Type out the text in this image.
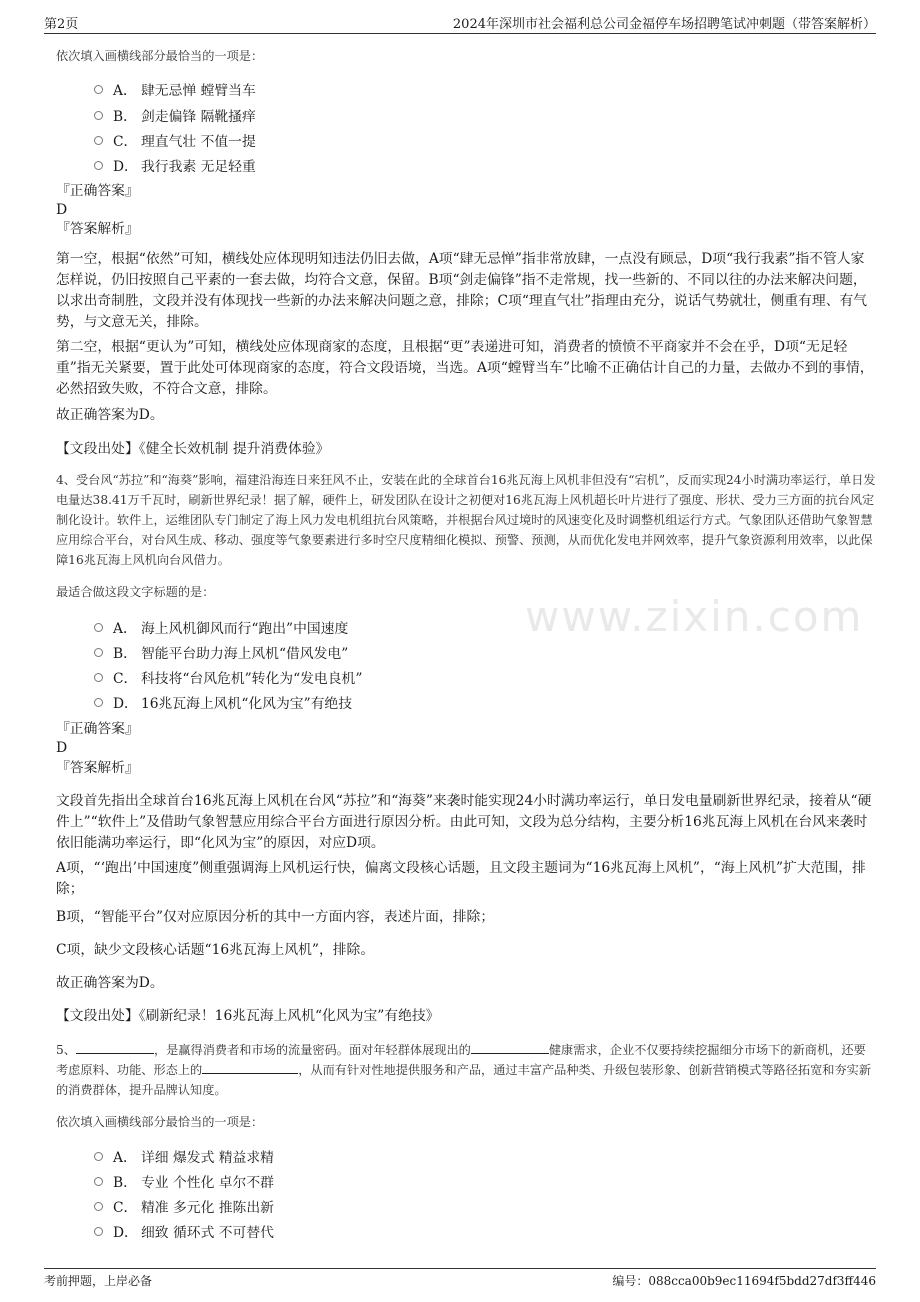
第2页	2024年深圳市社会福利总公司金福停车场招聘笔试冲刺题（带答案解析）
www.zixin.com
依次填入画横线部分最恰当的一项是：
A． 肆无忌惮 螳臂当车
B． 剑走偏锋 隔靴搔痒
C． 理直气壮 不值一提
D． 我行我素 无足轻重
『正确答案』
D
『答案解析』
第一空，根据“依然”可知，横线处应体现明知违法仍旧去做，A项“肆无忌惮”指非常放肆，一点没有顾忌，D项“我行我素”指不管人家怎样说，仍旧按照自己平素的一套去做，均符合文意，保留。B项“剑走偏锋”指不走常规，找一些新的、不同以往的办法来解决问题，以求出奇制胜，文段并没有体现找一些新的办法来解决问题之意，排除；C项“理直气壮”指理由充分，说话气势就壮，侧重有理、有气势，与文意无关，排除。
第二空，根据“更认为”可知，横线处应体现商家的态度，且根据“更”表递进可知，消费者的愤愤不平商家并不会在乎，D项“无足轻重”指无关紧要，置于此处可体现商家的态度，符合文段语境，当选。A项“螳臂当车”比喻不正确估计自己的力量，去做办不到的事情，必然招致失败，不符合文意，排除。
故正确答案为D。
【文段出处】《健全长效机制 提升消费体验》
4、受台风“苏拉”和“海葵”影响，福建沿海连日来狂风不止，安装在此的全球首台16兆瓦海上风机非但没有“宕机”，反而实现24小时满功率运行，单日发电量达38.41万千瓦时，刷新世界纪录！据了解，硬件上，研发团队在设计之初便对16兆瓦海上风机超长叶片进行了强度、形状、受力三方面的抗台风定制化设计。软件上，运维团队专门制定了海上风力发电机组抗台风策略，并根据台风过境时的风速变化及时调整机组运行方式。气象团队还借助气象智慧应用综合平台，对台风生成、移动、强度等气象要素进行多时空尺度精细化模拟、预警、预测，从而优化发电并网效率，提升气象资源利用效率，以此保障16兆瓦海上风机向台风借力。
最适合做这段文字标题的是：
A． 海上风机御风而行“跑出”中国速度
B． 智能平台助力海上风机“借风发电”
C． 科技将“台风危机”转化为“发电良机”
D． 16兆瓦海上风机“化风为宝”有绝技
『正确答案』
D
『答案解析』
文段首先指出全球首台16兆瓦海上风机在台风“苏拉”和“海葵”来袭时能实现24小时满功率运行，单日发电量刷新世界纪录，接着从“硬件上”“软件上”及借助气象智慧应用综合平台方面进行原因分析。由此可知，文段为总分结构，主要分析16兆瓦海上风机在台风来袭时依旧能满功率运行，即“化风为宝”的原因，对应D项。
A项，“‘跑出’中国速度”侧重强调海上风机运行快，偏离文段核心话题，且文段主题词为“16兆瓦海上风机”，“海上风机”扩大范围，排除；
B项，“智能平台”仅对应原因分析的其中一方面内容，表述片面，排除；
C项，缺少文段核心话题“16兆瓦海上风机”，排除。
故正确答案为D。
【文段出处】《刷新纪录！16兆瓦海上风机“化风为宝”有绝技》
5、	，是赢得消费者和市场的流量密码。面对年轻群体展现出的	健康需求，企业不仅要持续挖掘细分市场下的新商机，还要考虑原料、功能、形态上的	，从而有针对性地提供服务和产品，通过丰富产品种类、升级包装形象、创新营销模式等路径拓宽和夯实新的消费群体，提升品牌认知度。
依次填入画横线部分最恰当的一项是：
A． 详细 爆发式 精益求精
B． 专业 个性化 卓尔不群
C． 精准 多元化 推陈出新
D． 细致 循环式 不可替代
考前押题，上岸必备	编号：088cca00b9ec11694f5bdd27df3ff446
